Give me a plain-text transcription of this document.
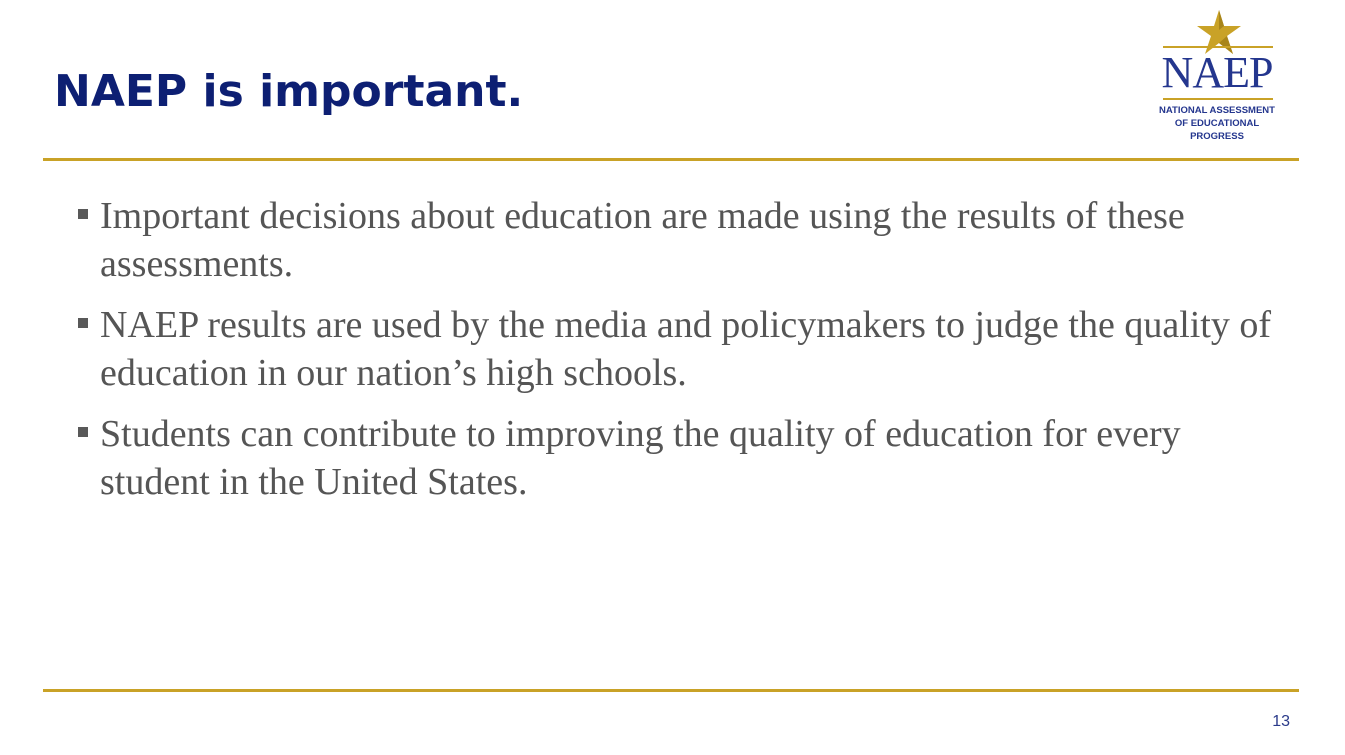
NAEP is important.	NAEP
NATIONAL ASSESSMENT
OF EDUCATIONAL
PROGRESS
Important decisions about education are made using the results of these assessments.
NAEP results are used by the media and policymakers to judge the quality of education in our nation’s high schools.
Students can contribute to improving the quality of education for every student in the United States.
13
